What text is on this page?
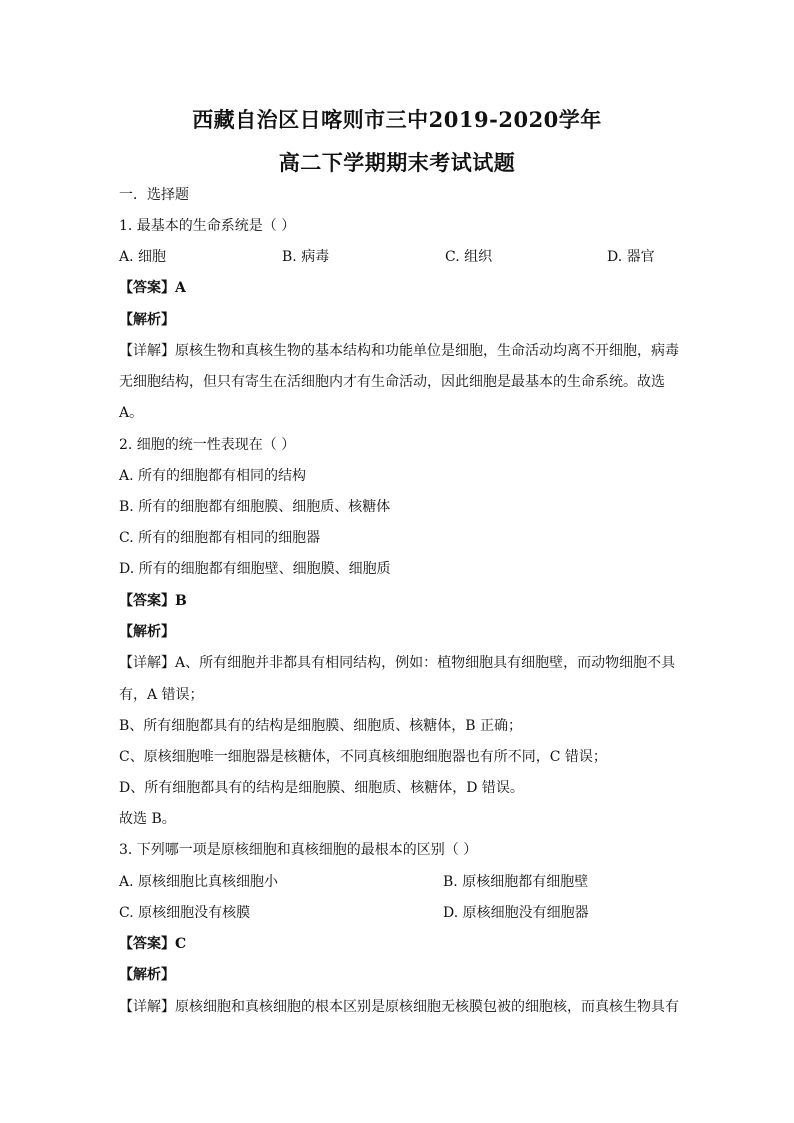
西藏自治区日喀则市三中2019-2020学年
高二下学期期末考试试题
一．选择题
1. 最基本的生命系统是（ ）
A. 细胞	B. 病毒	C. 组织	D. 器官
【答案】A
【解析】
【详解】原核生物和真核生物的基本结构和功能单位是细胞，生命活动均离不开细胞，病毒
无细胞结构，但只有寄生在活细胞内才有生命活动，因此细胞是最基本的生命系统。故选
A。
2. 细胞的统一性表现在（ ）
A. 所有的细胞都有相同的结构
B. 所有的细胞都有细胞膜、细胞质、核糖体
C. 所有的细胞都有相同的细胞器
D. 所有的细胞都有细胞壁、细胞膜、细胞质
【答案】B
【解析】
【详解】A、所有细胞并非都具有相同结构，例如：植物细胞具有细胞壁，而动物细胞不具
有，A 错误；
B、所有细胞都具有的结构是细胞膜、细胞质、核糖体，B 正确；
C、原核细胞唯一细胞器是核糖体，不同真核细胞细胞器也有所不同，C 错误；
D、所有细胞都具有的结构是细胞膜、细胞质、核糖体，D 错误。
故选 B。
3. 下列哪一项是原核细胞和真核细胞的最根本的区别（ ）
A. 原核细胞比真核细胞小	B. 原核细胞都有细胞壁
C. 原核细胞没有核膜	D. 原核细胞没有细胞器
【答案】C
【解析】
【详解】原核细胞和真核细胞的根本区别是原核细胞无核膜包被的细胞核，而真核生物具有
